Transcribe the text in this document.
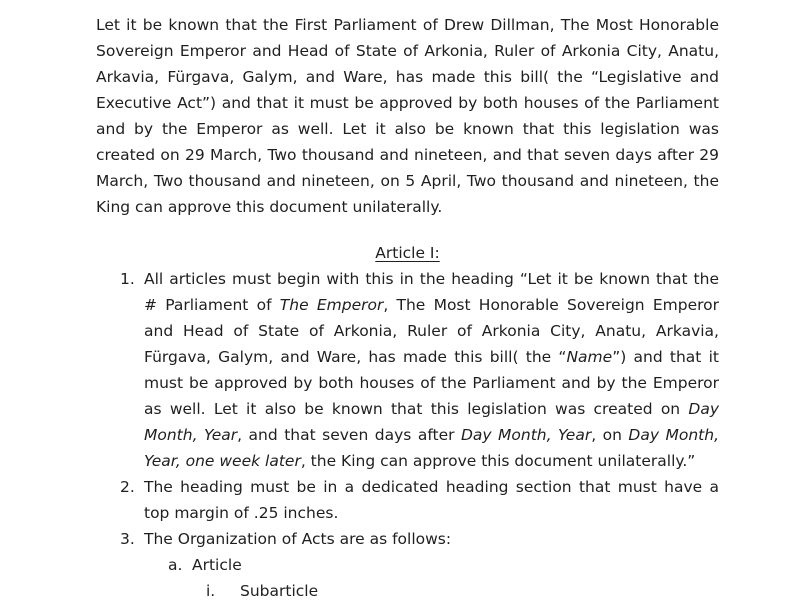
Let it be known that the First Parliament of Drew Dillman, The Most Honorable Sovereign Emperor and Head of State of Arkonia, Ruler of Arkonia City, Anatu, Arkavia, Fürgava, Galym, and Ware, has made this bill( the “Legislative and Executive Act”) and that it must be approved by both houses of the Parliament and by the Emperor as well. Let it also be known that this legislation was created on 29 March, Two thousand and nineteen, and that seven days after 29 March, Two thousand and nineteen, on 5 April, Two thousand and nineteen, the King can approve this document unilaterally.

Article I:

1. All articles must begin with this in the heading “Let it be known that the # Parliament of The Emperor, The Most Honorable Sovereign Emperor and Head of State of Arkonia, Ruler of Arkonia City, Anatu, Arkavia, Fürgava, Galym, and Ware, has made this bill( the “Name”) and that it must be approved by both houses of the Parliament and by the Emperor as well. Let it also be known that this legislation was created on Day Month, Year, and that seven days after Day Month, Year, on Day Month, Year, one week later, the King can approve this document unilaterally.”
2. The heading must be in a dedicated heading section that must have a top margin of .25 inches.
3. The Organization of Acts are as follows:
a. Article
i. Subarticle
